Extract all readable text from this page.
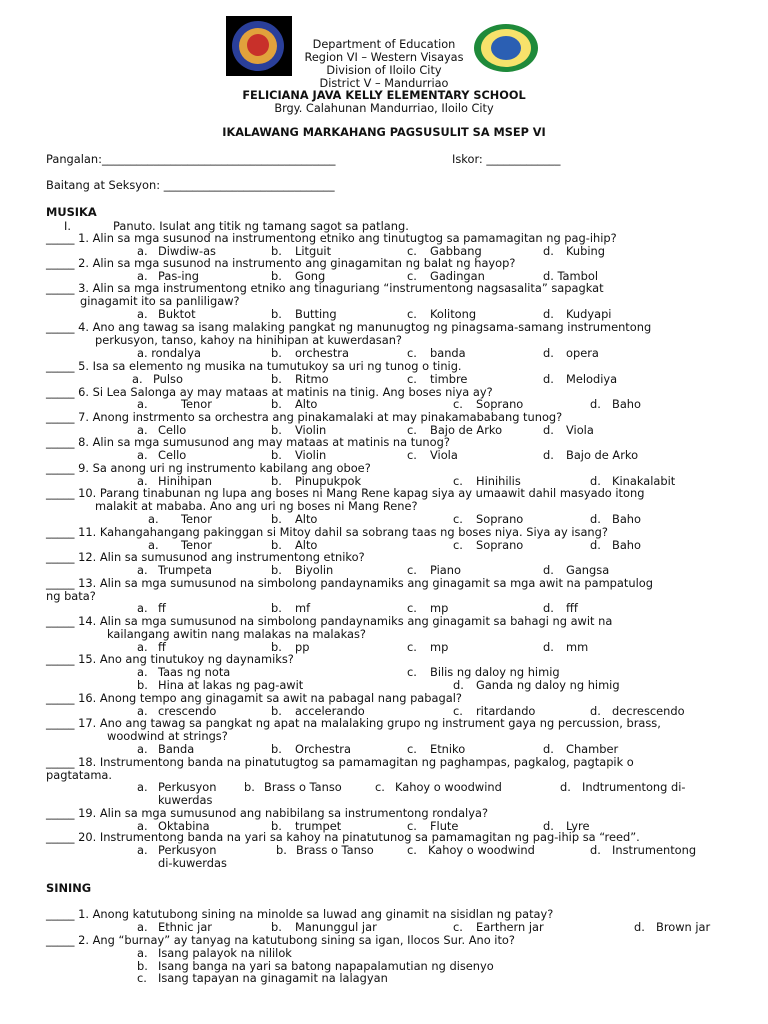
Department of Education
Region VI – Western Visayas
Division of Iloilo City
District V – Mandurriao
FELICIANA JAVA KELLY ELEMENTARY SCHOOL
Brgy. Calahunan Mandurriao, Iloilo City
IKALAWANG MARKAHANG PAGSUSULIT SA MSEP VI
Pangalan:_________________________________________	Iskor: _____________
Baitang at Seksyon: ______________________________
MUSIKA
I.	Panuto. Isulat ang titik ng tamang sagot sa patlang.
_____ 1. Alin sa mga susunod na instrumentong etniko ang tinutugtog sa pamamagitan ng pag-ihip?
a. Diwdiw-as	b. Litguit	c. Gabbang	d. Kubing
_____ 2. Alin sa mga susunod na instrumento ang ginagamitan ng balat ng hayop?
a. Pas-ing	b. Gong	c. Gadingan	d. Tambol
_____ 3. Alin sa mga instrumentong etniko ang tinaguriang “instrumentong nagsasalita” sapagkat
ginagamit ito sa panliligaw?
a. Buktot	b. Butting	c. Kolitong	d. Kudyapi
_____ 4. Ano ang tawag sa isang malaking pangkat ng manunugtog ng pinagsama-samang instrumentong
perkusyon, tanso, kahoy na hinihipan at kuwerdasan?
a. rondalya	b. orchestra	c. banda	d. opera
_____ 5. Isa sa elemento ng musika na tumutukoy sa uri ng tunog o tinig.
a. Pulso	b. Ritmo	c. timbre	d. Melodiya
_____ 6. Si Lea Salonga ay may mataas at matinis na tinig. Ang boses niya ay?
a.	Tenor	b. Alto	c. Soprano	d. Baho
_____ 7. Anong instrmento sa orchestra ang pinakamalaki at may pinakamababang tunog?
a. Cello	b. Violin	c. Bajo de Arko	d. Viola
_____ 8. Alin sa mga sumusunod ang may mataas at matinis na tunog?
a. Cello	b. Violin	c. Viola	d. Bajo de Arko
_____ 9. Sa anong uri ng instrumento kabilang ang oboe?
a. Hinihipan	b. Pinupukpok	c. Hinihilis	d. Kinakalabit
_____ 10. Parang tinabunan ng lupa ang boses ni Mang Rene kapag siya ay umaawit dahil masyado itong
malakit at mababa. Ano ang uri ng boses ni Mang Rene?
a. Tenor	b. Alto	c. Soprano	d. Baho
_____ 11. Kahangahangang pakinggan si Mitoy dahil sa sobrang taas ng boses niya. Siya ay isang?
a. Tenor	b. Alto	c. Soprano	d. Baho
_____ 12. Alin sa sumusunod ang instrumentong etniko?
a. Trumpeta	b. Biyolin	c. Piano	d. Gangsa
_____ 13. Alin sa mga sumusunod na simbolong pandaynamiks ang ginagamit sa mga awit na pampatulog
ng bata?
a. ff	b. mf	c. mp	d. fff
_____ 14. Alin sa mga sumusunod na simbolong pandaynamiks ang ginagamit sa bahagi ng awit na
kailangang awitin nang malakas na malakas?
a. ff	b. pp	c. mp	d. mm
_____ 15. Ano ang tinutukoy ng daynamiks?
a. Taas ng nota	c. Bilis ng daloy ng himig
b. Hina at lakas ng pag-awit	d. Ganda ng daloy ng himig
_____ 16. Anong tempo ang ginagamit sa awit na pabagal nang pabagal?
a. crescendo	b. accelerando	c. ritardando	d. decrescendo
_____ 17. Ano ang tawag sa pangkat ng apat na malalaking grupo ng instrument gaya ng percussion, brass,
woodwind at strings?
a. Banda	b. Orchestra	c. Etniko	d. Chamber
_____ 18. Instrumentong banda na pinatutugtog sa pamamagitan ng paghampas, pagkalog, pagtapik o
pagtatama.
a. Perkusyon b. Brass o Tanso	c. Kahoy o woodwind	d. Indtrumentong di-
kuwerdas
_____ 19. Alin sa mga sumusunod ang nabibilang sa instrumentong rondalya?
a. Oktabina	b. trumpet	c. Flute	d. Lyre
_____ 20. Instrumentong banda na yari sa kahoy na pinatutunog sa pamamagitan ng pag-ihip sa “reed”.
a. Perkusyon	b. Brass o Tanso	c. Kahoy o woodwind	d. Instrumentong
di-kuwerdas
SINING
_____ 1. Anong katutubong sining na minolde sa luwad ang ginamit na sisidlan ng patay?
a. Ethnic jar	b. Manunggul jar	c. Earthern jar	d. Brown jar
_____ 2. Ang “burnay” ay tanyag na katutubong sining sa igan, Ilocos Sur. Ano ito?
a. Isang palayok na nililok
b. Isang banga na yari sa batong napapalamutian ng disenyo
c. Isang tapayan na ginagamit na lalagyan
